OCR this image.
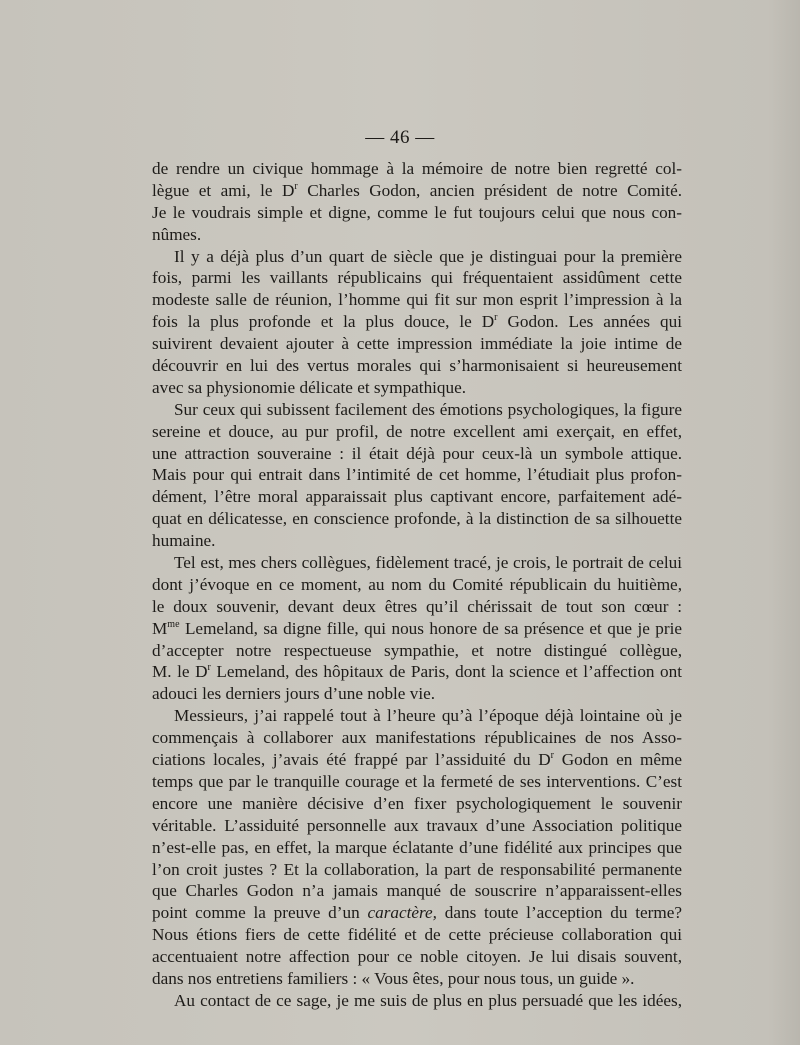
— 46 —
de rendre un civique hommage à la mémoire de notre bien regretté col-
lègue et ami, le $D^r$ Charles Godon, ancien président de notre Comité.
Je le voudrais simple et digne, comme le fut toujours celui que nous con-
nûmes.
Il y a déjà plus d’un quart de siècle que je distinguai pour la première
fois, parmi les vaillants républicains qui fréquentaient assidûment cette
modeste salle de réunion, l’homme qui fit sur mon esprit l’impression à la
fois la plus profonde et la plus douce, le $D^r$ Godon. Les années qui
suivirent devaient ajouter à cette impression immédiate la joie intime de
découvrir en lui des vertus morales qui s’harmonisaient si heureusement
avec sa physionomie délicate et sympathique.
Sur ceux qui subissent facilement des émotions psychologiques, la figure
sereine et douce, au pur profil, de notre excellent ami exerçait, en effet,
une attraction souveraine : il était déjà pour ceux-là un symbole attique.
Mais pour qui entrait dans l’intimité de cet homme, l’étudiait plus profon-
dément, l’être moral apparaissait plus captivant encore, parfaitement adé-
quat en délicatesse, en conscience profonde, à la distinction de sa silhouette
humaine.
Tel est, mes chers collègues, fidèlement tracé, je crois, le portrait de celui
dont j’évoque en ce moment, au nom du Comité républicain du huitième,
le doux souvenir, devant deux êtres qu’il chérissait de tout son cœur :
$M^{me}$ Lemeland, sa digne fille, qui nous honore de sa présence et que je prie
d’accepter notre respectueuse sympathie, et notre distingué collègue,
M. le $D^r$ Lemeland, des hôpitaux de Paris, dont la science et l’affection ont
adouci les derniers jours d’une noble vie.
Messieurs, j’ai rappelé tout à l’heure qu’à l’époque déjà lointaine où je
commençais à collaborer aux manifestations républicaines de nos Asso-
ciations locales, j’avais été frappé par l’assiduité du $D^r$ Godon en même
temps que par le tranquille courage et la fermeté de ses interventions. C’est
encore une manière décisive d’en fixer psychologiquement le souvenir
véritable. L’assiduité personnelle aux travaux d’une Association politique
n’est-elle pas, en effet, la marque éclatante d’une fidélité aux principes que
l’on croit justes ? Et la collaboration, la part de responsabilité permanente
que Charles Godon n’a jamais manqué de souscrire n’apparaissent-elles
point comme la preuve d’un caractère, dans toute l’acception du terme?
Nous étions fiers de cette fidélité et de cette précieuse collaboration qui
accentuaient notre affection pour ce noble citoyen. Je lui disais souvent,
dans nos entretiens familiers : « Vous êtes, pour nous tous, un guide ».
Au contact de ce sage, je me suis de plus en plus persuadé que les idées,
